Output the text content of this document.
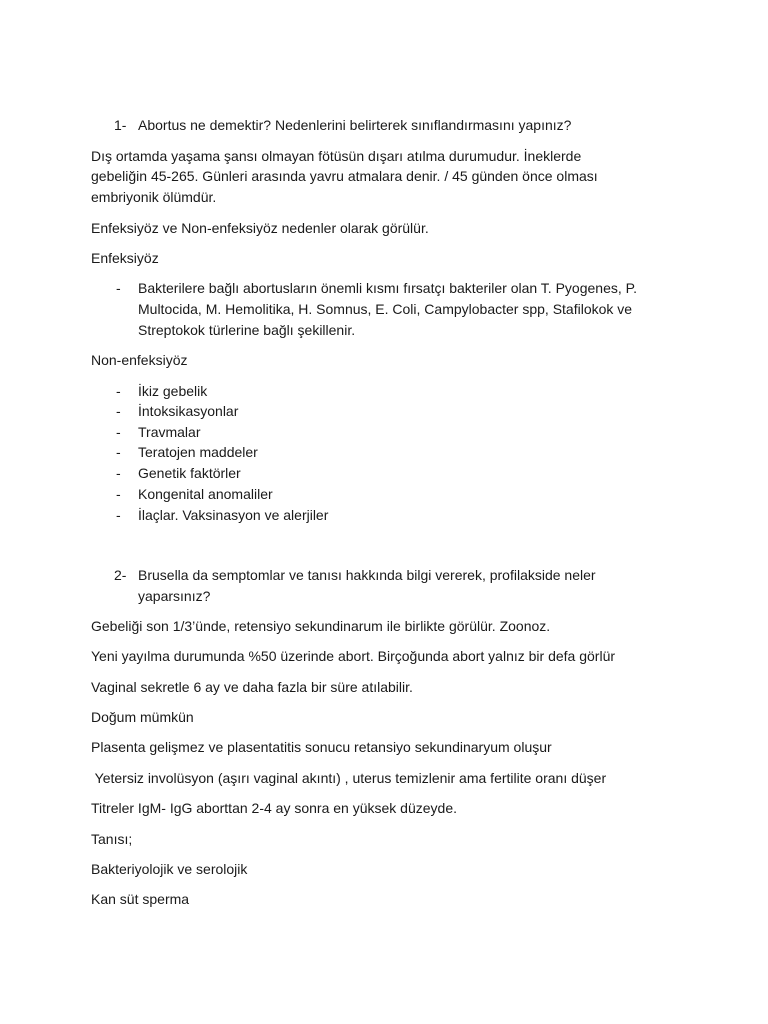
1- Abortus ne demektir? Nedenlerini belirterek sınıflandırmasını yapınız?
Dış ortamda yaşama şansı olmayan fötüsün dışarı atılma durumudur. İneklerde
gebeliğin 45-265. Günleri arasında yavru atmalara denir. / 45 günden önce olması
embriyonik ölümdür.
Enfeksiyöz ve Non-enfeksiyöz nedenler olarak görülür.
Enfeksiyöz
- Bakterilere bağlı abortusların önemli kısmı fırsatçı bakteriler olan T. Pyogenes, P.
Multocida, M. Hemolitika, H. Somnus, E. Coli, Campylobacter spp, Stafilokok ve
Streptokok türlerine bağlı şekillenir.
Non-enfeksiyöz
- İkiz gebelik
- İntoksikasyonlar
- Travmalar
- Teratojen maddeler
- Genetik faktörler
- Kongenital anomaliler
- İlaçlar. Vaksinasyon ve alerjiler
2- Brusella da semptomlar ve tanısı hakkında bilgi vererek, profilakside neler
yaparsınız?
Gebeliği son 1/3’ünde, retensiyo sekundinarum ile birlikte görülür. Zoonoz.
Yeni yayılma durumunda %50 üzerinde abort. Birçoğunda abort yalnız bir defa görlür
Vaginal sekretle 6 ay ve daha fazla bir süre atılabilir.
Doğum mümkün
Plasenta gelişmez ve plasentatitis sonucu retansiyo sekundinaryum oluşur
Yetersiz involüsyon (aşırı vaginal akıntı) , uterus temizlenir ama fertilite oranı düşer
Titreler IgM- IgG aborttan 2-4 ay sonra en yüksek düzeyde.
Tanısı;
Bakteriyolojik ve serolojik
Kan süt sperma
